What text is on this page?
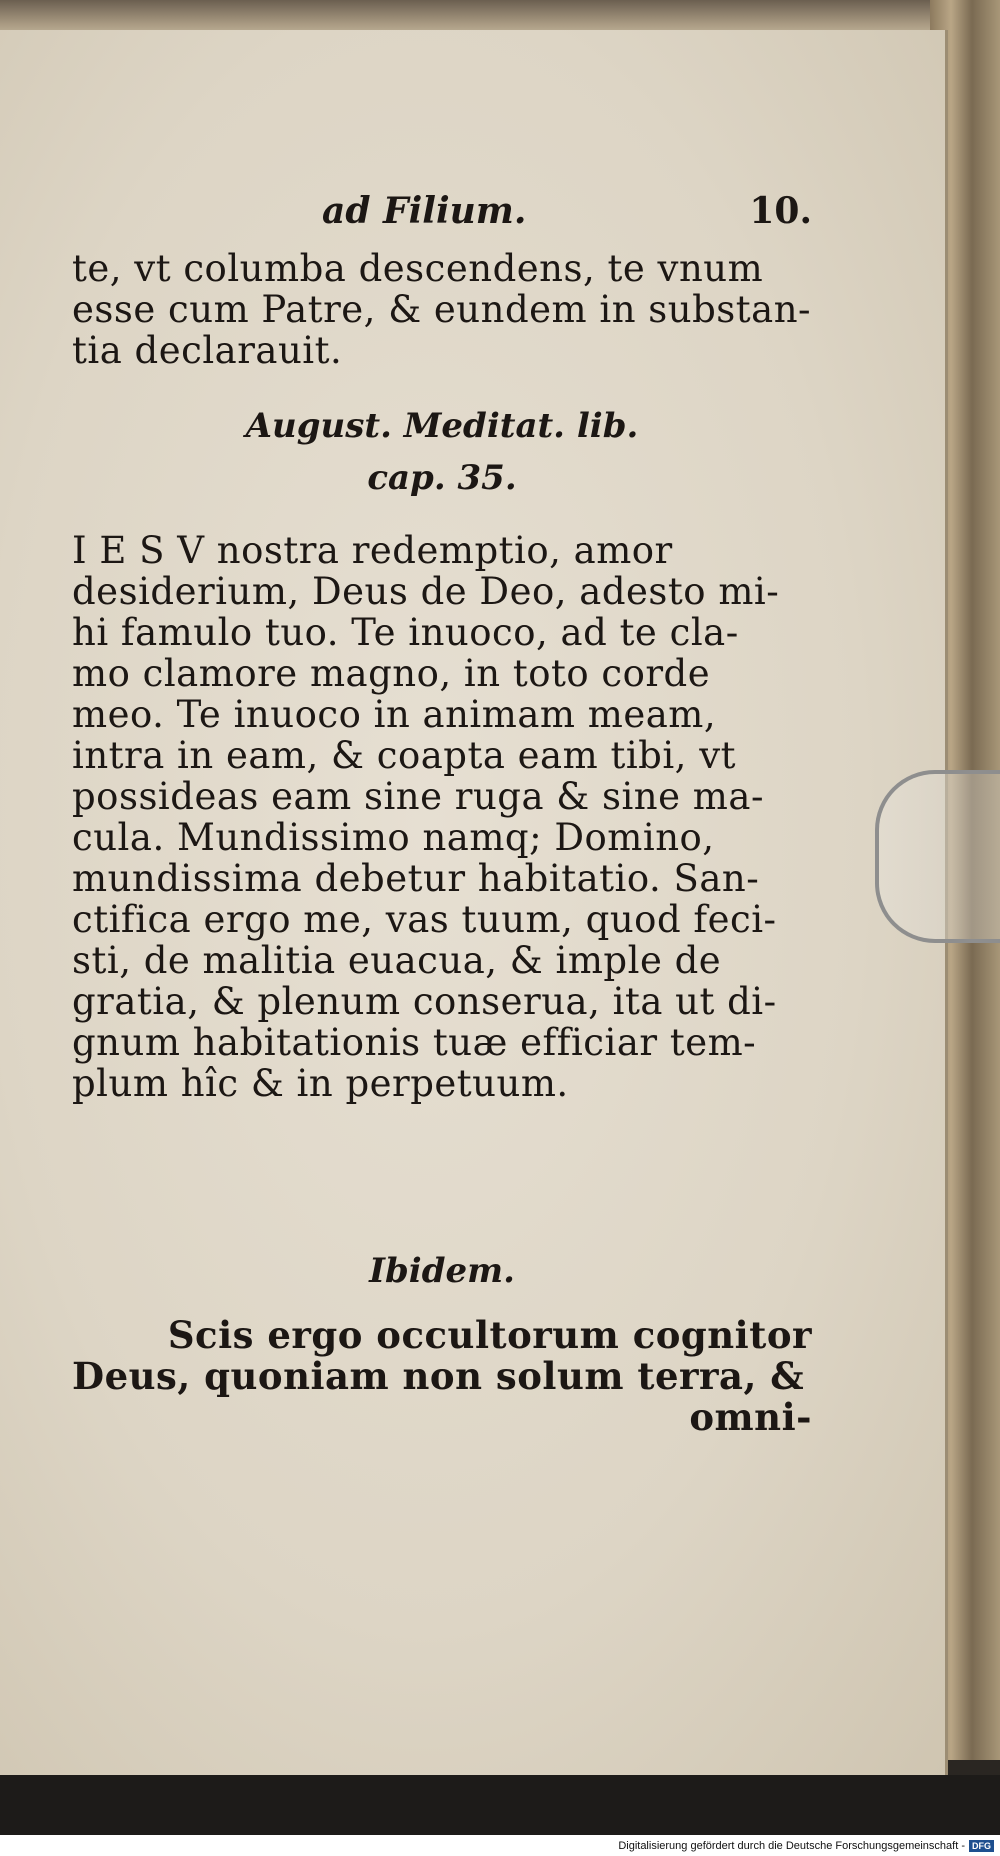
ad Filium.	10.
te, vt columba descendens, te vnum
esse cum Patre, & eundem in substan-
tia declarauit.
August. Meditat. lib.
cap. 35.
I E S V nostra redemptio, amor
desiderium, Deus de Deo, adesto mi-
hi famulo tuo. Te inuoco, ad te cla-
mo clamore magno, in toto corde
meo. Te inuoco in animam meam,
intra in eam, & coapta eam tibi, vt
possideas eam sine ruga & sine ma-
cula. Mundissimo namq; Domino,
mundissima debetur habitatio. San-
ctifica ergo me, vas tuum, quod feci-
sti, de malitia euacua, & imple de
gratia, & plenum conserua, ita ut di-
gnum habitationis tuæ efficiar tem-
plum hîc & in perpetuum.
Ibidem.
Scis ergo occultorum cognitor
Deus, quoniam non solum terra, &
omni-
Digitalisierung gefördert durch die Deutsche Forschungsgemeinschaft - DFG
